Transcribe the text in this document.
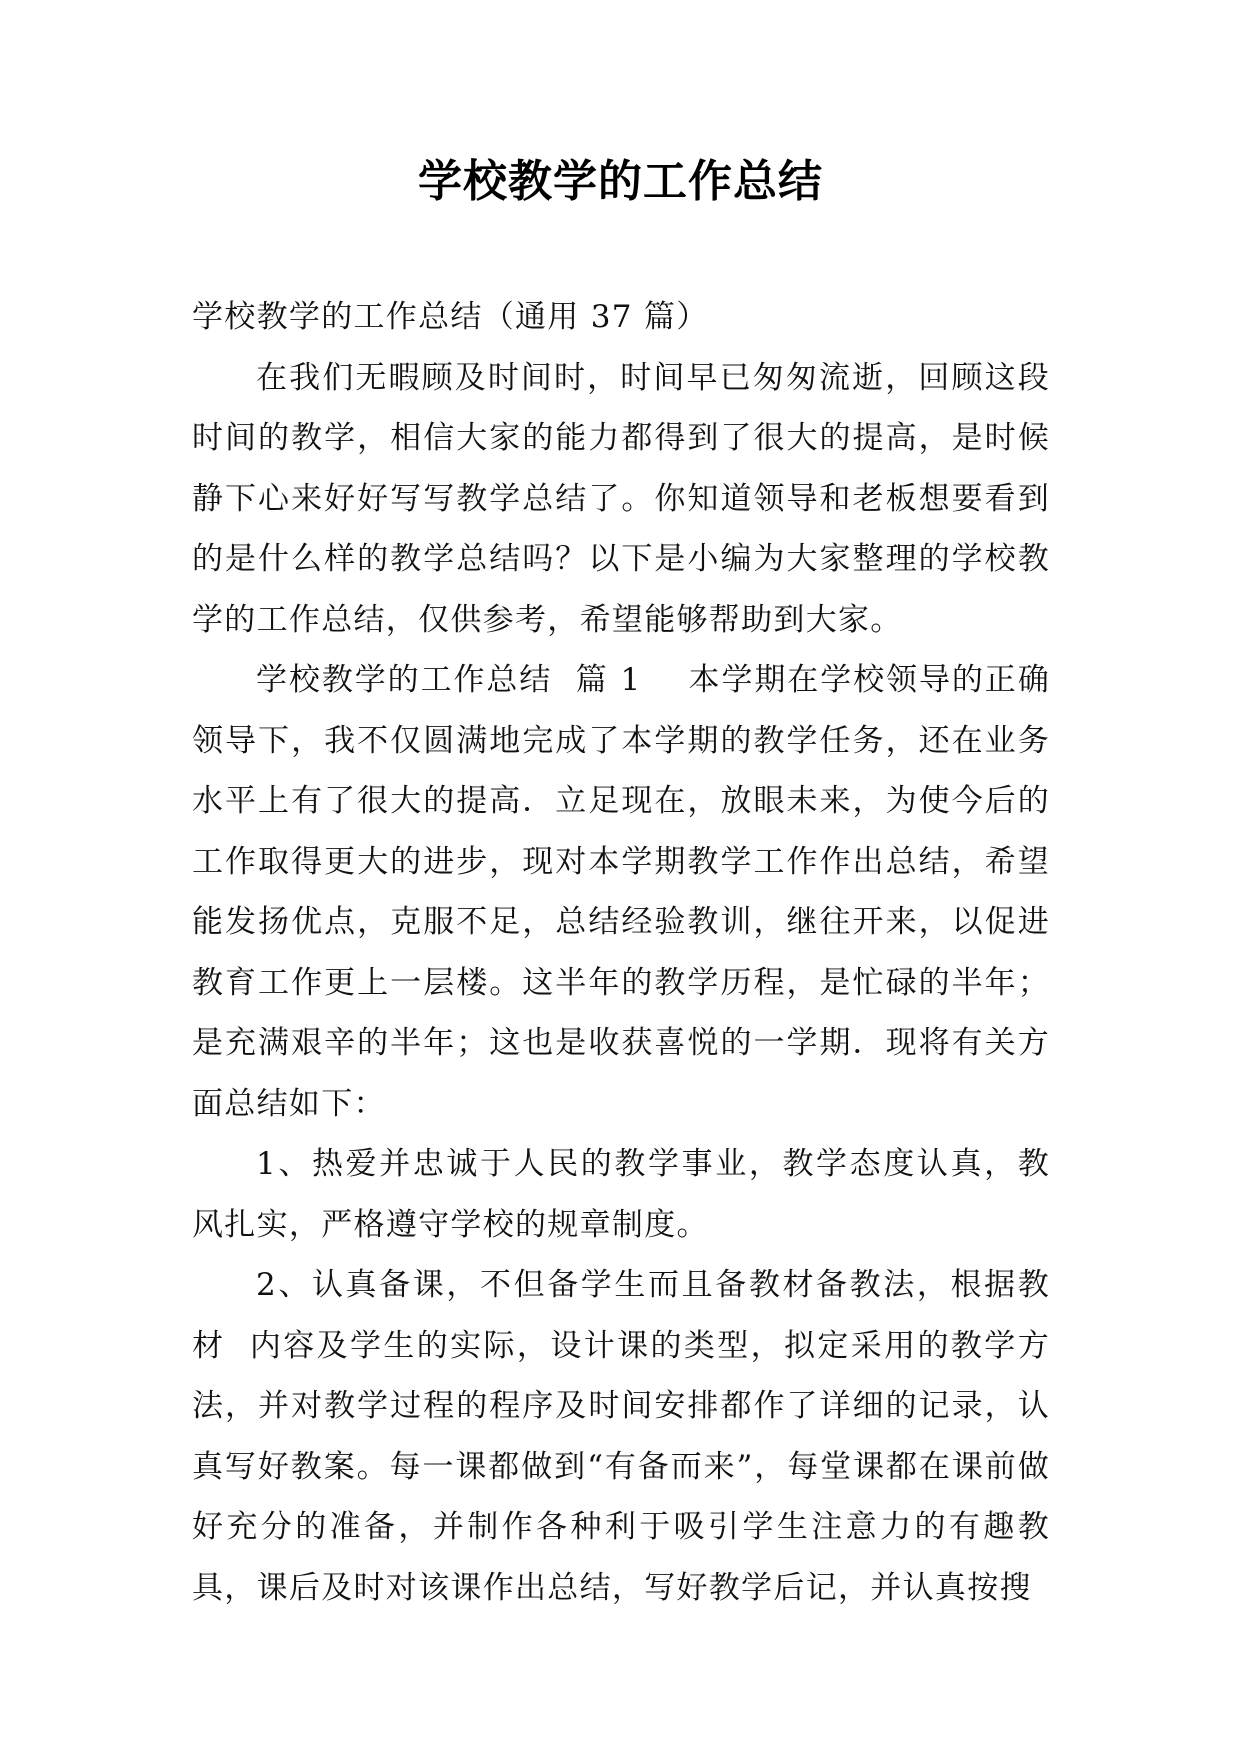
学校教学的工作总结

学校教学的工作总结（通用 37 篇）

在我们无暇顾及时间时，时间早已匆匆流逝，回顾这段时间的教学，相信大家的能力都得到了很大的提高，是时候静下心来好好写写教学总结了。你知道领导和老板想要看到的是什么样的教学总结吗？以下是小编为大家整理的学校教学的工作总结，仅供参考，希望能够帮助到大家。

学校教学的工作总结  篇 1    本学期在学校领导的正确领导下，我不仅圆满地完成了本学期的教学任务，还在业务水平上有了很大的提高．立足现在，放眼未来，为使今后的工作取得更大的进步，现对本学期教学工作作出总结，希望能发扬优点，克服不足，总结经验教训，继往开来，以促进教育工作更上一层楼。这半年的教学历程，是忙碌的半年；是充满艰辛的半年；这也是收获喜悦的一学期．现将有关方面总结如下：

1、热爱并忠诚于人民的教学事业，教学态度认真，教风扎实，严格遵守学校的规章制度。

2、认真备课，不但备学生而且备教材备教法，根据教材  内容及学生的实际，设计课的类型，拟定采用的教学方法，并对教学过程的程序及时间安排都作了详细的记录，认真写好教案。每一课都做到“有备而来”，每堂课都在课前做好充分的准备，并制作各种利于吸引学生注意力的有趣教具，课后及时对该课作出总结，写好教学后记，并认真按搜
